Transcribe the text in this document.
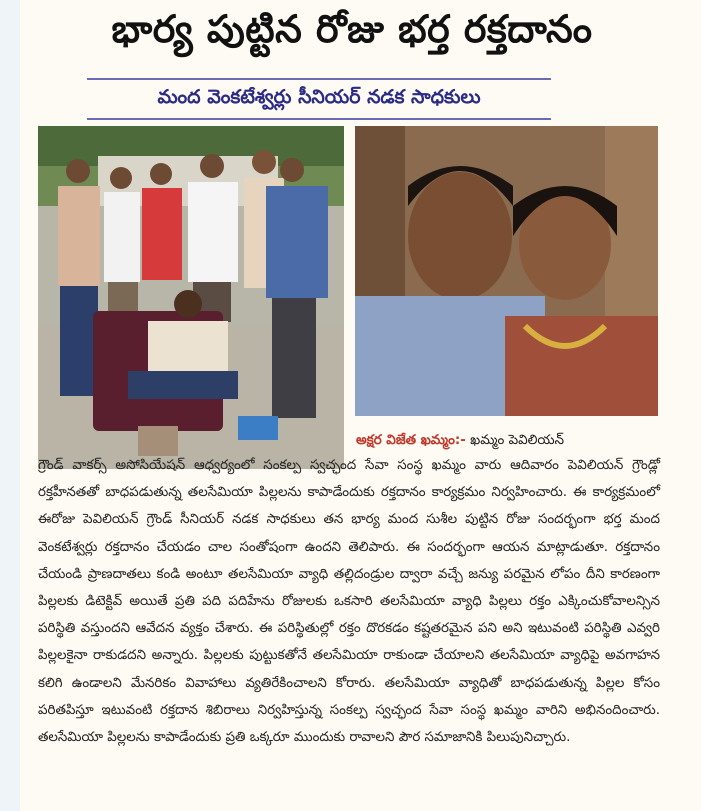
భార్య పుట్టిన రోజు భర్త రక్తదానం
మంద వెంకటేశ్వర్లు సీనియర్ నడక సాధకులు
అక్షర విజేత ఖమ్మం:- ఖమ్మం పెవిలియన్

గ్రౌండ్ వాకర్స్ అసోసియేషన్ ఆధ్వర్యంలో సంకల్ప స్వచ్ఛంద సేవా సంస్థ ఖమ్మం వారు ఆదివారం పెవిలియన్ గ్రౌండ్లో రక్తహీనతతో బాధపడుతున్న తలసేమియా పిల్లలను కాపాడేందుకు రక్తదానం కార్యక్రమం నిర్వహించారు. ఈ కార్యక్రమంలో ఈరోజు పెవిలియన్ గ్రౌండ్ సీనియర్ నడక సాధకులు తన భార్య మంద సుశీల పుట్టిన రోజు సందర్భంగా భర్త మంద వెంకటేశ్వర్లు రక్తదానం చేయడం చాల సంతోషంగా ఉందని తెలిపారు. ఈ సందర్భంగా ఆయన మాట్లాడుతూ. రక్తదానం చేయండి ప్రాణదాతలు కండి అంటూ తలసేమియా వ్యాధి తల్లిదండ్రుల ద్వారా వచ్చే జన్యు పరమైన లోపం దీని కారణంగా పిల్లలకు డిటెక్టివ్ అయితే ప్రతి పది పదిహేను రోజులకు ఒకసారి తలసేమియా వ్యాధి పిల్లలు రక్తం ఎక్కించుకోవాలన్సిన పరిస్థితి వస్తుందని ఆవేదన వ్యక్తం చేశారు. ఈ పరిస్థితుల్లో రక్తం దొరకడం కష్టతరమైన పని అని ఇటువంటి పరిస్థితి ఎవ్వరి పిల్లలకైనా రాకుడదని అన్నారు. పిల్లలకు పుట్టుకతోనే తలసేమియా రాకుండా చేయాలని తలసేమియా వ్యాధిపై అవగాహన కలిగి ఉండాలని మేనరికం వివాహాలు వ్యతిరేకించాలని కోరారు. తలసేమియా వ్యాధితో బాధపడుతున్న పిల్లల కోసం పరితపిస్తూ ఇటువంటి రక్తదాన శిబిరాలు నిర్వహిస్తున్న సంకల్ప స్వచ్ఛంద సేవా సంస్థ ఖమ్మం వారిని అభినందించారు. తలసేమియా పిల్లలను కాపాడేందుకు ప్రతి ఒక్కరూ ముందుకు రావాలని పౌర సమాజానికి పిలుపునిచ్చారు.
